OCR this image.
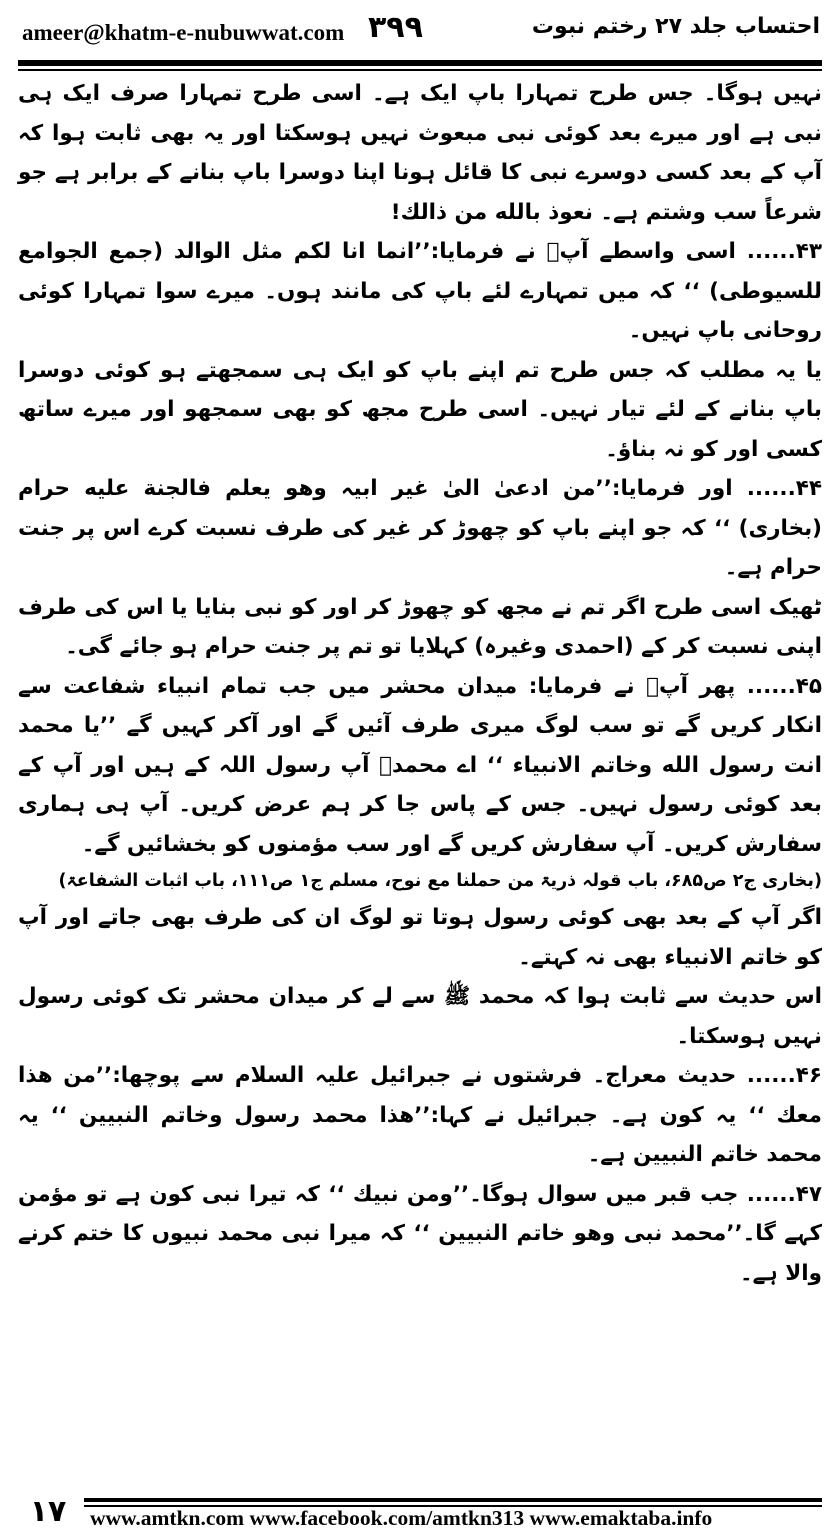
ameer@khatm-e-nubuwwat.com ۳۹۹	احتساب جلد ۲۷ رختم نبوت

نہیں ہوگا۔ جس طرح تمہارا باپ ایک ہے۔ اسی طرح تمہارا صرف ایک ہی نبی ہے اور میرے بعد کوئی نبی مبعوث نہیں ہوسکتا اور یہ بھی ثابت ہوا کہ آپ کے بعد کسی دوسرے نبی کا قائل ہونا اپنا دوسرا باپ بنانے کے برابر ہے جو شرعاً سب وشتم ہے۔ نعوذ بالله من ذالك!

۴۳...... اسی واسطے آپؐ نے فرمایا:’’انما انا لکم مثل الوالد (جمع الجوامع للسیوطی) ‘‘ کہ میں تمہارے لئے باپ کی مانند ہوں۔ میرے سوا تمہارا کوئی روحانی باپ نہیں۔

یا یہ مطلب کہ جس طرح تم اپنے باپ کو ایک ہی سمجھتے ہو کوئی دوسرا باپ بنانے کے لئے تیار نہیں۔ اسی طرح مجھ کو بھی سمجھو اور میرے ساتھ کسی اور کو نہ بناؤ۔

۴۴...... اور فرمایا:’’من ادعیٰ الیٰ غیر ابیہ وھو یعلم فالجنة علیه حرام (بخاری) ‘‘ کہ جو اپنے باپ کو چھوڑ کر غیر کی طرف نسبت کرے اس پر جنت حرام ہے۔

ٹھیک اسی طرح اگر تم نے مجھ کو چھوڑ کر اور کو نبی بنایا یا اس کی طرف اپنی نسبت کر کے (احمدی وغیرہ) کہلایا تو تم پر جنت حرام ہو جائے گی۔

۴۵...... پھر آپؐ نے فرمایا: میدان محشر میں جب تمام انبیاء شفاعت سے انکار کریں گے تو سب لوگ میری طرف آئیں گے اور آکر کہیں گے ’’یا محمد انت رسول الله وخاتم الانبیاء ‘‘ اے محمدؐ آپ رسول اللہ کے ہیں اور آپ کے بعد کوئی رسول نہیں۔ جس کے پاس جا کر ہم عرض کریں۔ آپ ہی ہماری سفارش کریں۔ آپ سفارش کریں گے اور سب مؤمنوں کو بخشائیں گے۔

(بخاری ج۲ ص۶۸۵، باب قولہ ذریۃ من حملنا مع نوح، مسلم ج۱ ص۱۱۱، باب اثبات الشفاعۃ)

اگر آپ کے بعد بھی کوئی رسول ہوتا تو لوگ ان کی طرف بھی جاتے اور آپ کو خاتم الانبیاء بھی نہ کہتے۔

اس حدیث سے ثابت ہوا کہ محمد ﷺ سے لے کر میدان محشر تک کوئی رسول نہیں ہوسکتا۔

۴۶...... حدیث معراج۔ فرشتوں نے جبرائیل علیہ السلام سے پوچھا:’’من ھذا معك ‘‘ یہ کون ہے۔ جبرائیل نے کہا:’’ھذا محمد رسول وخاتم النبیین ‘‘ یہ محمد خاتم النبیین ہے۔

۴۷...... جب قبر میں سوال ہوگا۔’’ومن نبیك ‘‘ کہ تیرا نبی کون ہے تو مؤمن کہے گا۔’’محمد نبی وھو خاتم النبیین ‘‘ کہ میرا نبی محمد نبیوں کا ختم کرنے والا ہے۔

۱۷	www.amtkn.com www.facebook.com/amtkn313 www.emaktaba.info
